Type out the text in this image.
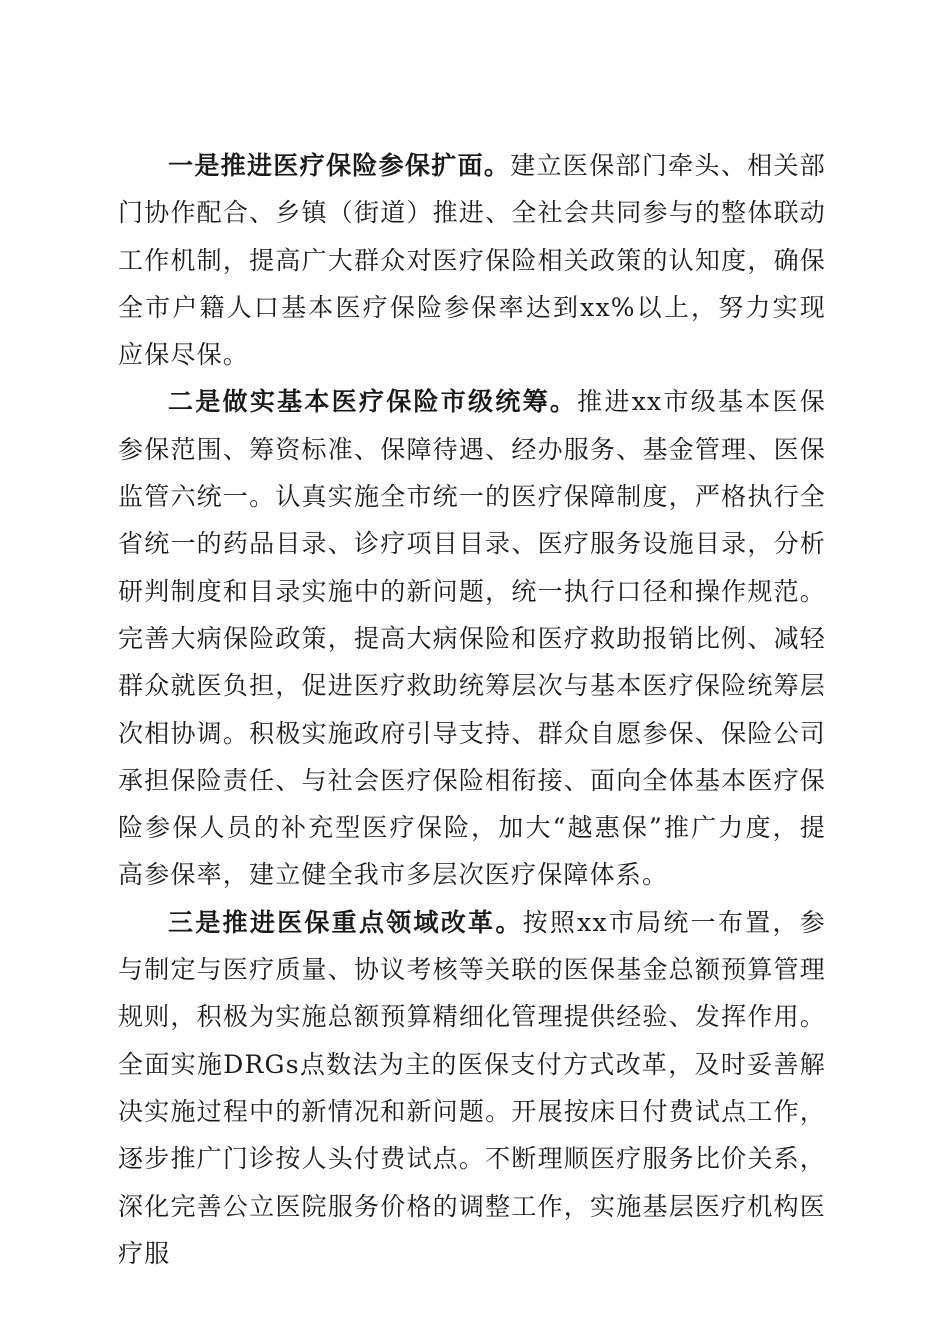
一是推进医疗保险参保扩面。建立医保部门牵头、相关部门协作配合、乡镇（街道）推进、全社会共同参与的整体联动工作机制，提高广大群众对医疗保险相关政策的认知度，确保全市户籍人口基本医疗保险参保率达到xx%以上，努力实现应保尽保。

二是做实基本医疗保险市级统筹。推进xx市级基本医保参保范围、筹资标准、保障待遇、经办服务、基金管理、医保监管六统一。认真实施全市统一的医疗保障制度，严格执行全省统一的药品目录、诊疗项目目录、医疗服务设施目录，分析研判制度和目录实施中的新问题，统一执行口径和操作规范。完善大病保险政策，提高大病保险和医疗救助报销比例、减轻群众就医负担，促进医疗救助统筹层次与基本医疗保险统筹层次相协调。积极实施政府引导支持、群众自愿参保、保险公司承担保险责任、与社会医疗保险相衔接、面向全体基本医疗保险参保人员的补充型医疗保险，加大“越惠保”推广力度，提高参保率，建立健全我市多层次医疗保障体系。

三是推进医保重点领域改革。按照xx市局统一布置，参与制定与医疗质量、协议考核等关联的医保基金总额预算管理规则，积极为实施总额预算精细化管理提供经验、发挥作用。全面实施DRGs点数法为主的医保支付方式改革，及时妥善解决实施过程中的新情况和新问题。开展按床日付费试点工作，逐步推广门诊按人头付费试点。不断理顺医疗服务比价关系，深化完善公立医院服务价格的调整工作，实施基层医疗机构医疗服
